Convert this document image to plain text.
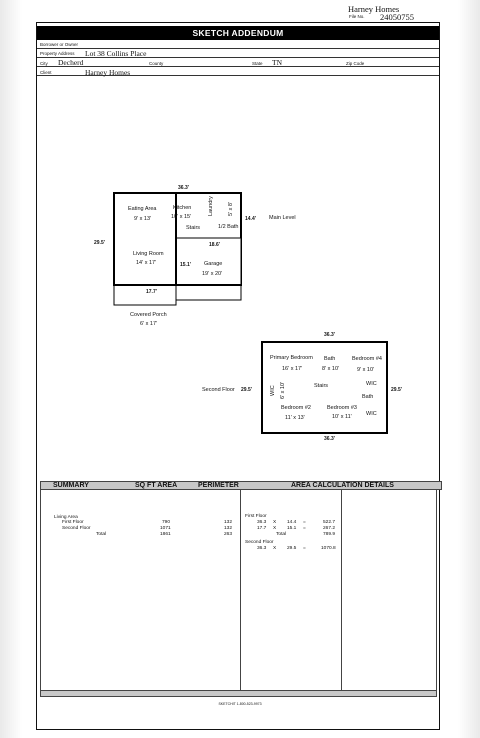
Harney Homes
File No. 24050755
SKETCH ADDENDUM
Borrower or Owner
Property Address Lot 38 Collins Place
City Decherd	County	State TN	Zip Code
Client	Harney Homes
36.3'
29.5'
14.4' Main Level
18.6'
15.1'
17.7'
Eating Area
9' x 13'
Kitchen
10' x 15'
Laundry	5' x 8'
Stairs	1/2 Bath
Living Room
14' x 17'	Garage
19' x 20'
Covered Porch
6' x 17'
36.3'
36.3'
Second Floor 29.5'	29.5'
Primary Bedroom
16' x 17'
Bath
8' x 10'
Bedroom #4
9' x 10'
WIC 6' x 10'	Stairs	WIC
Bath
Bedroom #2
11' x 13'
Bedroom #3
10' x 11'	WIC
SUMMARY	SQ FT AREA	PERIMETER	AREA CALCULATION DETAILS
Living Area
First Floor	790	132
Second Floor	1071	132
Total	1861	263
First Floor
36.3 X 14.4 =	522.7
17.7 X 15.1 =	267.2
Total	789.9
Second Floor
36.3 X 29.5 =	1070.8
SKETCHIT 1-800-523-9973
